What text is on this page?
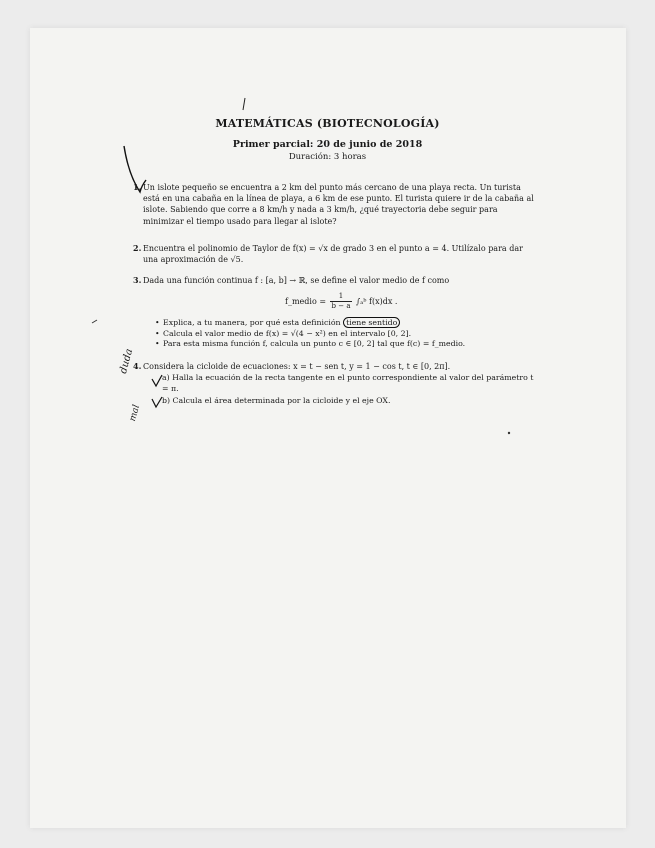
MATEMÁTICAS (BIOTECNOLOGÍA)
Primer parcial: 20 de junio de 2018
Duración: 3 horas
1. Un islote pequeño se encuentra a 2 km del punto más cercano de una playa recta. Un turista está en una cabaña en la línea de playa, a 6 km de ese punto. El turista quiere ir de la cabaña al islote. Sabiendo que corre a 8 km/h y nada a 3 km/h, ¿qué trayectoria debe seguir para minimizar el tiempo usado para llegar al islote?
2. Encuentra el polinomio de Taylor de f(x) = √x de grado 3 en el punto a = 4. Utilízalo para dar una aproximación de √5.
3. Dada una función continua f : [a, b] → ℝ, se define el valor medio de f como
f_medio = $\frac{1}{b - a}$ ∫ₐᵇ f(x)dx .
• Explica, a tu manera, por qué esta definición tiene sentido
• Calcula el valor medio de f(x) = √(4 − x²) en el intervalo [0, 2].
• Para esta misma función f, calcula un punto c ∈ [0, 2] tal que f(c) = f_medio.
4. Considera la cicloide de ecuaciones: x = t − sen t, y = 1 − cos t, t ∈ [0, 2π].
a) Halla la ecuación de la recta tangente en el punto correspondiente al valor del parámetro t = π.
b) Calcula el área determinada por la cicloide y el eje OX.
duda
mal
